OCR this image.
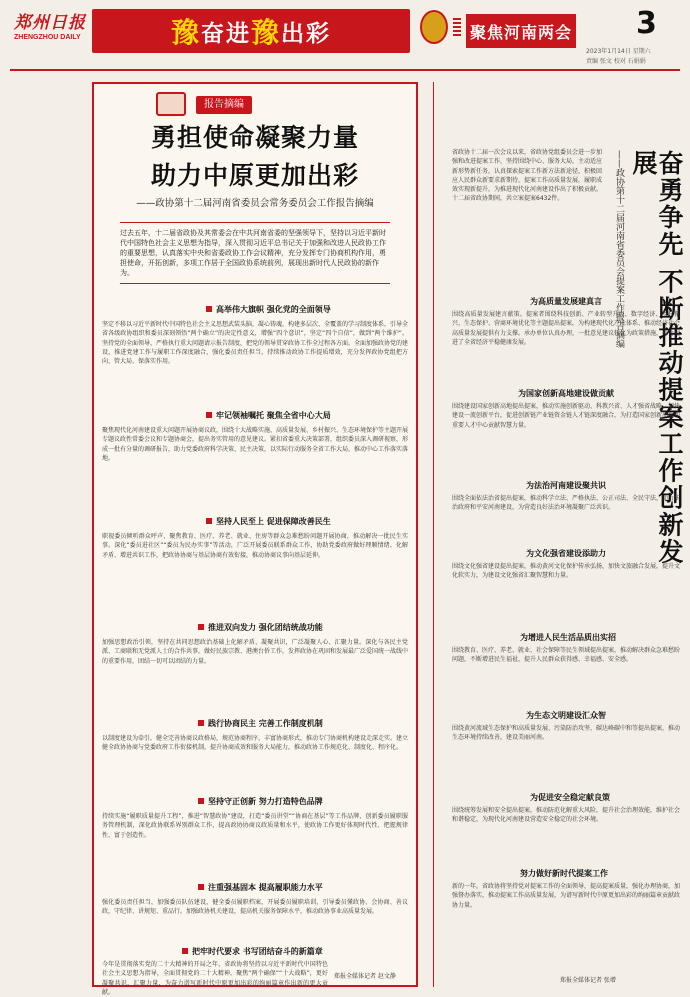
郑州日报
ZHENGZHOU DAILY	豫 奋进 豫 出彩	聚焦河南两会 3
2023年1月14日 星期六
责编 张文 校对 石娟娟
报告摘编
勇担使命凝聚力量
助力中原更加出彩
——政协第十二届河南省委员会常务委员会工作报告摘编
过去五年，十二届省政协及其常委会在中共河南省委的坚强领导下，坚持以习近平新时代中国特色社会主义思想为指导，深入贯彻习近平总书记关于加强和改进人民政协工作的重要思想，认真落实中央和省委政协工作会议精神，充分发挥专门协商机构作用，勇担使命，开拓创新，多项工作居于全国政协系统前列，展现出新时代人民政协的新作为。
高举伟大旗帜 强化党的全面领导
坚定不移以习近平新时代中国特色社会主义思想武装头脑，凝心铸魂，构建多层次、全覆盖的学习制度体系，引导全省各级政协组织和委员深刻领悟“两个确立”的决定性意义，增强“四个意识”，坚定“四个自信”，做到“两个维护”。坚持党的全面领导，严格执行重大问题请示报告制度，把党的领导贯穿政协工作全过程各方面。全面加强政协党的建设，推进党建工作与履职工作深度融合，强化委员责任担当，持续推动政协工作提质增效，充分发挥政协党组把方向、管大局、保落实作用。
牢记领袖嘱托 聚焦全省中心大局
聚焦现代化河南建设重大问题开展协商议政，围绕十大战略实施、高质量发展、乡村振兴、生态环境保护等主题开展专题议政性常委会议和专题协商会，提出务实管用的意见建议。紧扣省委重大决策部署，组织委员深入调研视察，形成一批有分量的调研报告，助力党委政府科学决策、民主决策，以实际行动服务全省工作大局，推动中心工作落实落地。
坚持人民至上 促进保障改善民生
职视委员倾听群众呼声，聚焦教育、医疗、养老、就业、住房等群众急难愁盼问题开展协商，推动解决一批民生实事。深化“委员进社区”“委员为民办实事”等活动，广泛开展委员联系群众工作，协助党委政府做好理顺情绪、化解矛盾、增进共识工作，把政协协商与基层协商有效衔接，推动协商议事向基层延伸。
推进双向发力 强化团结统战功能
加强思想政治引领，坚持在共同思想政治基础上化解矛盾、凝聚共识，广泛凝聚人心、汇聚力量。深化与各民主党派、工商联和无党派人士的合作共事，做好民族宗教、港澳台侨工作，发挥政协在巩固和发展最广泛爱国统一战线中的重要作用，团结一切可以团结的力量。
践行协商民主 完善工作制度机制
以制度建设为牵引，健全完善协商议政格局，规范协商程序，丰富协商形式，推动专门协商机构建设走深走实。建立健全政协协商与党委政府工作衔接机制，提升协商成效和服务大局能力，推动政协工作规范化、制度化、程序化。
坚持守正创新 努力打造特色品牌
持续实施“履职质量提升工程”，推进“智慧政协”建设，打造“委员讲堂”“协商在基层”等工作品牌，创新委员履职服务管理机制，深化政协联系界别群众工作，提高政协协商议政质量和水平，使政协工作更好体现时代性、把握规律性、富于创造性。
注重强基固本 提高履职能力水平
强化委员责任担当，加强委员队伍建设，健全委员履职档案，开展委员履职培训，引导委员懂政协、会协商、善议政，守纪律、讲规矩、重品行。加强政协机关建设，提高机关服务保障水平，推动政协事业高质量发展。
把牢时代要求 书写团结奋斗的新篇章
今年是贯彻落实党的二十大精神的开局之年，省政协将坚持以习近平新时代中国特色社会主义思想为指导，全面贯彻党的二十大精神，聚焦“两个确保”“十大战略”，更好凝聚共识、汇聚力量，为奋力谱写新时代中原更加出彩的绚丽篇章作出新的更大贡献。
郑报全媒体记者 赵文静
省政协十二届一次会议以来，省政协党组委员会进一步加强和改进提案工作，坚持围绕中心、服务大局，主动适应新形势新任务，认真探索提案工作新方法新途径，积极回应人民群众新要求新期待，提案工作高质量发展，履职成效实现新提升，为推进现代化河南建设作出了积极贡献。十二届省政协期间，共立案提案6432件。	奋勇争先 不断推动提案工作创新发展
——政协第十二届河南省委员会提案工作报告摘编
为高质量发展建真言
围绕高质量发展建言献策。提案者围绕科技创新、产业转型升级、数字经济、乡村振兴、生态保护、营商环境优化等主题提出提案，为构建现代化产业体系、推动经济社会高质量发展提供有力支撑。承办单位认真办理，一批意见建议转化为政策措施，有力促进了全省经济平稳健康发展。
为国家创新高地建设做贡献
围绕建设国家创新高地提出提案，推动实施创新驱动、科教兴省、人才强省战略，加快建设一流创新平台，促进创新链产业链资金链人才链深度融合，为打造国家创新高地和重要人才中心贡献智慧力量。
为法治河南建设聚共识
围绕全面依法治省提出提案，推动科学立法、严格执法、公正司法、全民守法，助力法治政府和平安河南建设，为营造良好法治环境凝聚广泛共识。
为文化强省建设添助力
围绕文化强省建设提出提案，推动黄河文化保护传承弘扬，加快文旅融合发展，提升文化软实力，为建设文化强省汇聚智慧和力量。
为增进人民生活品质出实招
围绕教育、医疗、养老、就业、社会保障等民生领域提出提案，推动解决群众急难愁盼问题，不断增进民生福祉，提升人民群众获得感、幸福感、安全感。
为生态文明建设汇众智
围绕黄河流域生态保护和高质量发展、污染防治攻坚、碳达峰碳中和等提出提案，推动生态环境持续改善，建设美丽河南。
为促进安全稳定献良策
围绕统筹发展和安全提出提案，推动防范化解重大风险，提升社会治理效能，维护社会和谐稳定，为现代化河南建设营造安全稳定的社会环境。
努力做好新时代提案工作
新的一年，省政协将坚持党对提案工作的全面领导，提高提案质量，强化办理协商，加强督办落实，推动提案工作高质量发展，为谱写新时代中原更加出彩的绚丽篇章贡献政协力量。
郑报全媒体记者 张增
